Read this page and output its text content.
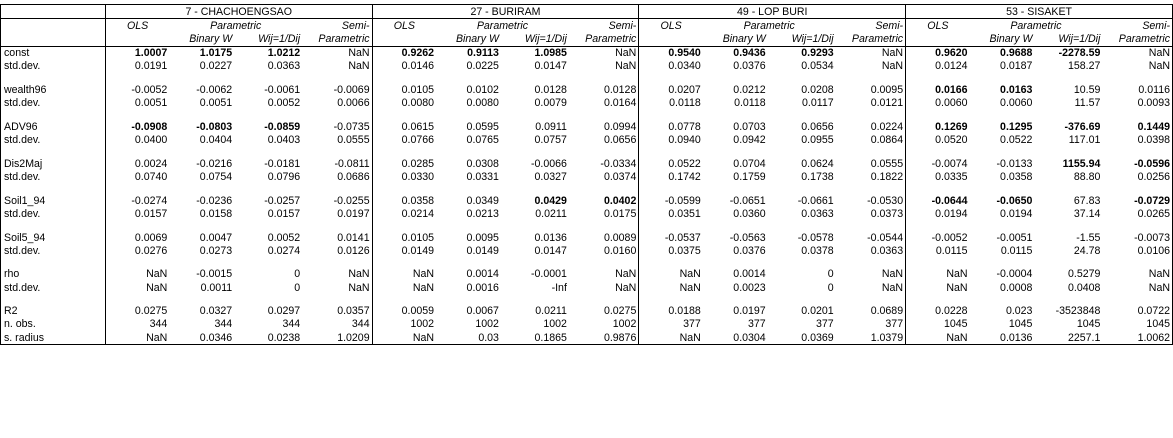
	7 - CHACHOENGSAO				27 - BURIRAM				49 - LOP BURI				53 - SISAKET			
	OLS	Parametric		Semi-	OLS	Parametric		Semi-	OLS	Parametric		Semi-	OLS	Parametric		Semi-
		Binary W	Wij=1/Dij	Parametric		Binary W	Wij=1/Dij	Parametric		Binary W	Wij=1/Dij	Parametric		Binary W	Wij=1/Dij	Parametric
const	1.0007	1.0175	1.0212	NaN	0.9262	0.9113	1.0985	NaN	0.9540	0.9436	0.9293	NaN	0.9620	0.9688	-2278.59	NaN
std.dev.	0.0191	0.0227	0.0363	NaN	0.0146	0.0225	0.0147	NaN	0.0340	0.0376	0.0534	NaN	0.0124	0.0187	158.27	NaN

wealth96	-0.0052	-0.0062	-0.0061	-0.0069	0.0105	0.0102	0.0128	0.0128	0.0207	0.0212	0.0208	0.0095	0.0166	0.0163	10.59	0.0116
std.dev.	0.0051	0.0051	0.0052	0.0066	0.0080	0.0080	0.0079	0.0164	0.0118	0.0118	0.0117	0.0121	0.0060	0.0060	11.57	0.0093

ADV96	-0.0908	-0.0803	-0.0859	-0.0735	0.0615	0.0595	0.0911	0.0994	0.0778	0.0703	0.0656	0.0224	0.1269	0.1295	-376.69	0.1449
std.dev.	0.0400	0.0404	0.0403	0.0555	0.0766	0.0765	0.0757	0.0656	0.0940	0.0942	0.0955	0.0864	0.0520	0.0522	117.01	0.0398

Dis2Maj	0.0024	-0.0216	-0.0181	-0.0811	0.0285	0.0308	-0.0066	-0.0334	0.0522	0.0704	0.0624	0.0555	-0.0074	-0.0133	1155.94	-0.0596
std.dev.	0.0740	0.0754	0.0796	0.0686	0.0330	0.0331	0.0327	0.0374	0.1742	0.1759	0.1738	0.1822	0.0335	0.0358	88.80	0.0256

Soil1_94	-0.0274	-0.0236	-0.0257	-0.0255	0.0358	0.0349	0.0429	0.0402	-0.0599	-0.0651	-0.0661	-0.0530	-0.0644	-0.0650	67.83	-0.0729
std.dev.	0.0157	0.0158	0.0157	0.0197	0.0214	0.0213	0.0211	0.0175	0.0351	0.0360	0.0363	0.0373	0.0194	0.0194	37.14	0.0265

Soil5_94	0.0069	0.0047	0.0052	0.0141	0.0105	0.0095	0.0136	0.0089	-0.0537	-0.0563	-0.0578	-0.0544	-0.0052	-0.0051	-1.55	-0.0073
std.dev.	0.0276	0.0273	0.0274	0.0126	0.0149	0.0149	0.0147	0.0160	0.0375	0.0376	0.0378	0.0363	0.0115	0.0115	24.78	0.0106

rho	NaN	-0.0015	0	NaN	NaN	0.0014	-0.0001	NaN	NaN	0.0014	0	NaN	NaN	-0.0004	0.5279	NaN
std.dev.	NaN	0.0011	0	NaN	NaN	0.0016	-Inf	NaN	NaN	0.0023	0	NaN	NaN	0.0008	0.0408	NaN

R2	0.0275	0.0327	0.0297	0.0357	0.0059	0.0067	0.0211	0.0275	0.0188	0.0197	0.0201	0.0689	0.0228	0.023	-3523848	0.0722
n. obs.	344	344	344	344	1002	1002	1002	1002	377	377	377	377	1045	1045	1045	1045
s. radius	NaN	0.0346	0.0238	1.0209	NaN	0.03	0.1865	0.9876	NaN	0.0304	0.0369	1.0379	NaN	0.0136	2257.1	1.0062
